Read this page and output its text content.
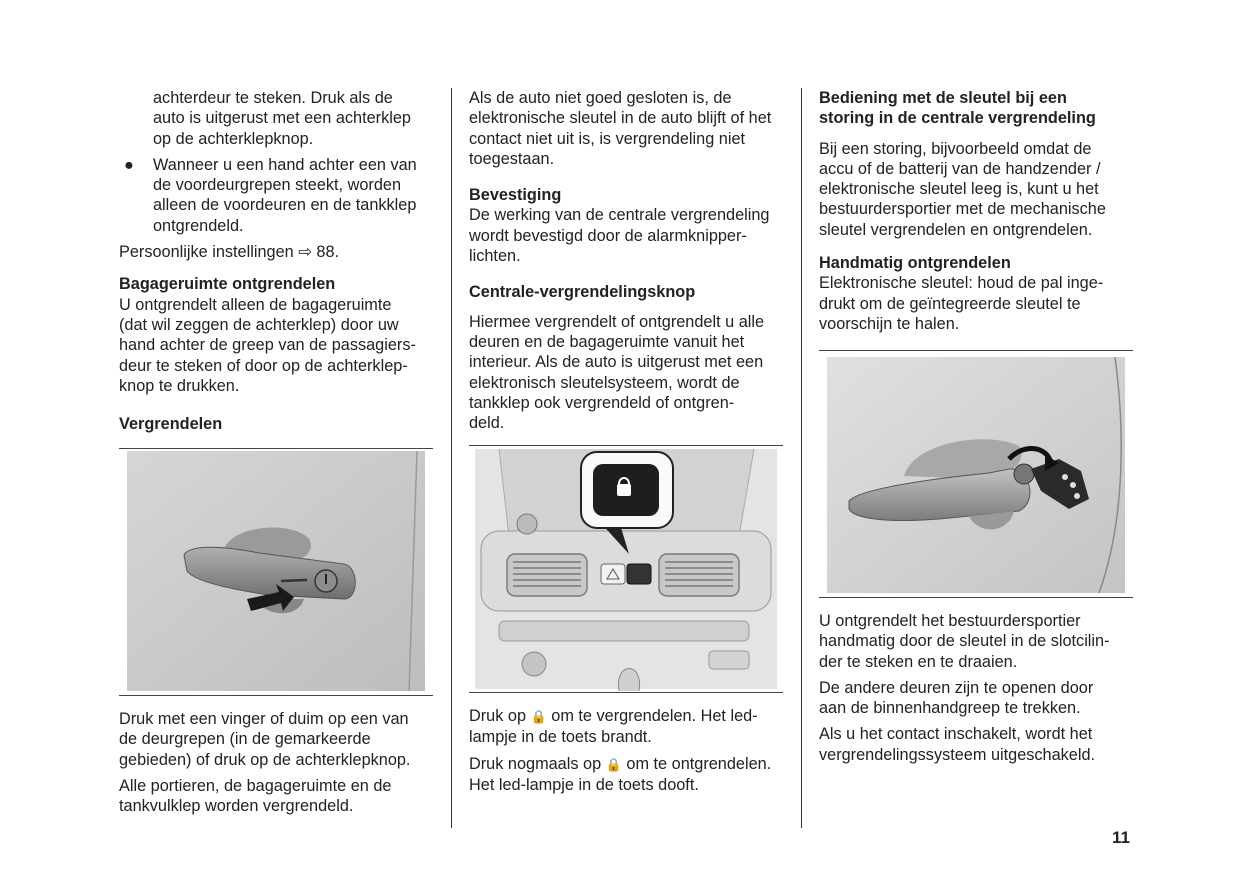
achterdeur te steken. Druk als de
auto is uitgerust met een achterklep
op de achterklepknop.

● Wanneer u een hand achter een van
de voordeurgrepen steekt, worden
alleen de voordeuren en de tankklep
ontgrendeld.

Persoonlijke instellingen ⇨ 88.

Bagageruimte ontgrendelen

U ontgrendelt alleen de bagageruimte
(dat wil zeggen de achterklep) door uw
hand achter de greep van de passagiers-
deur te steken of door op de achterklep-
knop te drukken.

Vergrendelen

Druk met een vinger of duim op een van
de deurgrepen (in de gemarkeerde
gebieden) of druk op de achterklepknop.

Alle portieren, de bagageruimte en de
tankvulklep worden vergrendeld.

Als de auto niet goed gesloten is, de
elektronische sleutel in de auto blijft of het
contact niet uit is, is vergrendeling niet
toegestaan.

Bevestiging

De werking van de centrale vergrendeling
wordt bevestigd door de alarmknipper-
lichten.

Centrale-vergrendelingsknop

Hiermee vergrendelt of ontgrendelt u alle
deuren en de bagageruimte vanuit het
interieur. Als de auto is uitgerust met een
elektronisch sleutelsysteem, wordt de
tankklep ook vergrendeld of ontgren-
deld.

Druk op 🔒 om te vergrendelen. Het led-
lampje in de toets brandt.

Druk nogmaals op 🔒 om te ontgrendelen.
Het led-lampje in de toets dooft.

Bediening met de sleutel bij een
storing in de centrale vergrendeling

Bij een storing, bijvoorbeeld omdat de
accu of de batterij van de handzender /
elektronische sleutel leeg is, kunt u het
bestuurdersportier met de mechanische
sleutel vergrendelen en ontgrendelen.

Handmatig ontgrendelen

Elektronische sleutel: houd de pal inge-
drukt om de geïntegreerde sleutel te
voorschijn te halen.

U ontgrendelt het bestuurdersportier
handmatig door de sleutel in de slotcilin-
der te steken en te draaien.

De andere deuren zijn te openen door
aan de binnenhandgreep te trekken.

Als u het contact inschakelt, wordt het
vergrendelingssysteem uitgeschakeld.

11
